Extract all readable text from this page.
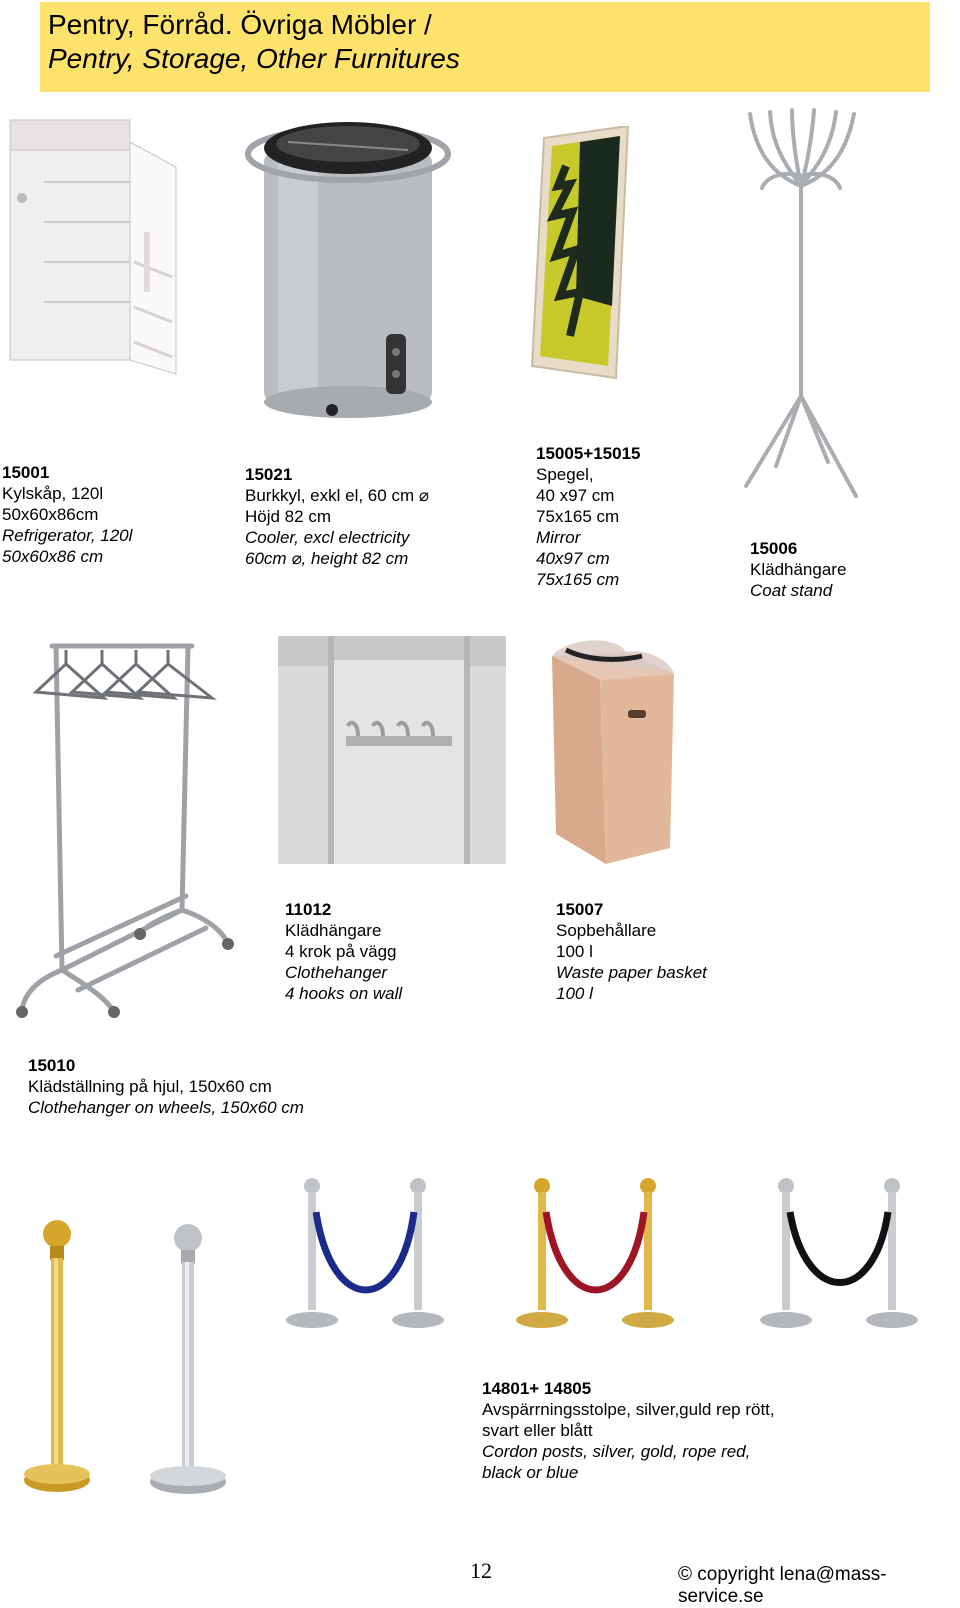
Pentry, Förråd. Övriga Möbler /
Pentry, Storage, Other Furnitures
15001
Kylskåp, 120l
50x60x86cm
Refrigerator, 120l
50x60x86 cm
15021
Burkkyl, exkl el, 60 cm ⌀
Höjd 82 cm
Cooler, excl electricity
60cm ⌀, height 82 cm
15005+15015
Spegel,
40 x97 cm
75x165 cm
Mirror
40x97 cm
75x165 cm
15006
Klädhängare
Coat stand
11012
Klädhängare
4 krok på vägg
Clothehanger
4 hooks on wall
15007
Sopbehållare
100 l
Waste paper basket
100 l
15010
Klädställning på hjul, 150x60 cm
Clothehanger on wheels, 150x60 cm
14801+ 14805
Avspärrningsstolpe, silver,guld rep rött,
svart eller blått
Cordon posts, silver, gold, rope red,
black or blue
12	© copyright lena@mass-service.se
